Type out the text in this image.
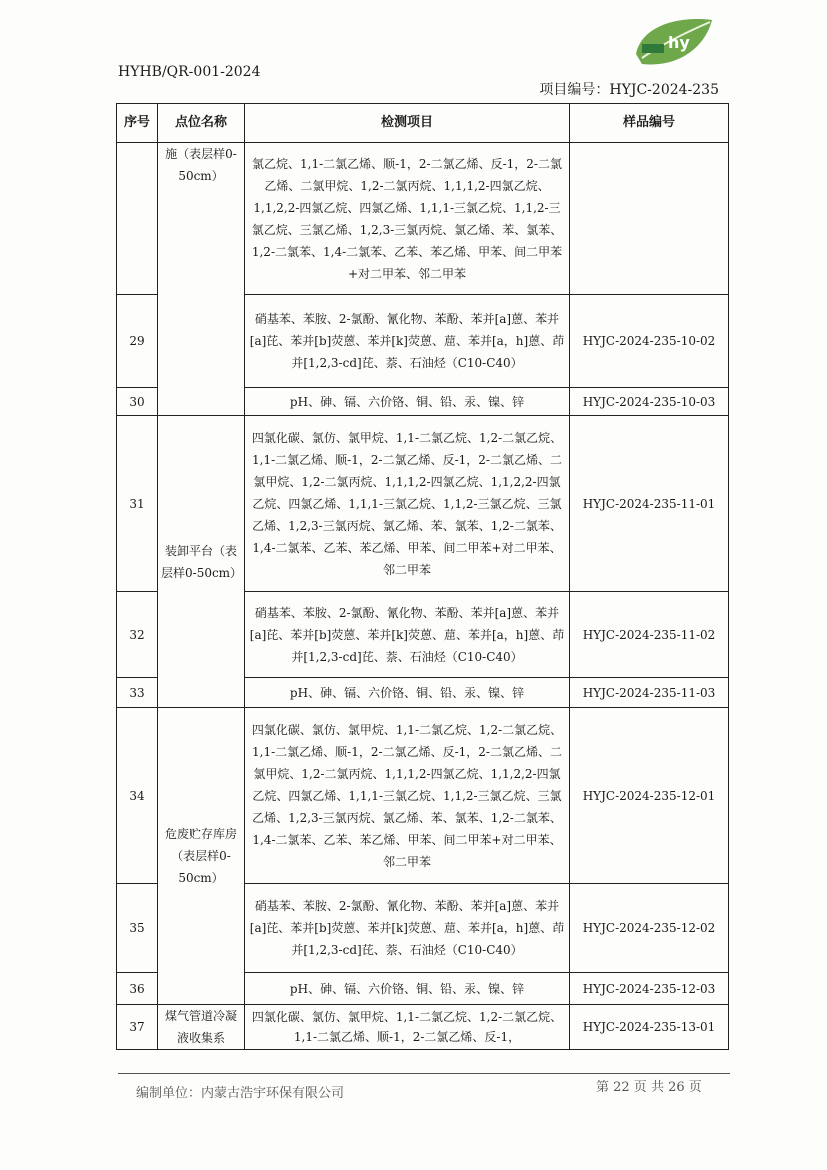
HYHB/QR-001-2024
hy
项目编号：HYJC-2024-235
序号	点位名称	检测项目	样品编号
	施（表层样0-50cm）	氯乙烷、1,1-二氯乙烯、顺-1，2-二氯乙烯、反-1，2-二氯乙烯、二氯甲烷、1,2-二氯丙烷、1,1,1,2-四氯乙烷、1,1,2,2-四氯乙烷、四氯乙烯、1,1,1-三氯乙烷、1,1,2-三氯乙烷、三氯乙烯、1,2,3-三氯丙烷、氯乙烯、苯、氯苯、1,2-二氯苯、1,4-二氯苯、乙苯、苯乙烯、甲苯、间二甲苯+对二甲苯、邻二甲苯	
29		硝基苯、苯胺、2-氯酚、氰化物、苯酚、苯并[a]蒽、苯并[a]芘、苯并[b]荧蒽、苯并[k]荧蒽、䓛、苯并[a，h]蒽、茚并[1,2,3-cd]芘、萘、石油烃（C10-C40）	HYJC-2024-235-10-02
30		pH、砷、镉、六价铬、铜、铅、汞、镍、锌	HYJC-2024-235-10-03
31	装卸平台（表层样0-50cm）	四氯化碳、氯仿、氯甲烷、1,1-二氯乙烷、1,2-二氯乙烷、1,1-二氯乙烯、顺-1，2-二氯乙烯、反-1，2-二氯乙烯、二氯甲烷、1,2-二氯丙烷、1,1,1,2-四氯乙烷、1,1,2,2-四氯乙烷、四氯乙烯、1,1,1-三氯乙烷、1,1,2-三氯乙烷、三氯乙烯、1,2,3-三氯丙烷、氯乙烯、苯、氯苯、1,2-二氯苯、1,4-二氯苯、乙苯、苯乙烯、甲苯、间二甲苯+对二甲苯、邻二甲苯	HYJC-2024-235-11-01
32		硝基苯、苯胺、2-氯酚、氰化物、苯酚、苯并[a]蒽、苯并[a]芘、苯并[b]荧蒽、苯并[k]荧蒽、䓛、苯并[a，h]蒽、茚并[1,2,3-cd]芘、萘、石油烃（C10-C40）	HYJC-2024-235-11-02
33		pH、砷、镉、六价铬、铜、铅、汞、镍、锌	HYJC-2024-235-11-03
34	危废贮存库房（表层样0-50cm）	四氯化碳、氯仿、氯甲烷、1,1-二氯乙烷、1,2-二氯乙烷、1,1-二氯乙烯、顺-1，2-二氯乙烯、反-1，2-二氯乙烯、二氯甲烷、1,2-二氯丙烷、1,1,1,2-四氯乙烷、1,1,2,2-四氯乙烷、四氯乙烯、1,1,1-三氯乙烷、1,1,2-三氯乙烷、三氯乙烯、1,2,3-三氯丙烷、氯乙烯、苯、氯苯、1,2-二氯苯、1,4-二氯苯、乙苯、苯乙烯、甲苯、间二甲苯+对二甲苯、邻二甲苯	HYJC-2024-235-12-01
35		硝基苯、苯胺、2-氯酚、氰化物、苯酚、苯并[a]蒽、苯并[a]芘、苯并[b]荧蒽、苯并[k]荧蒽、䓛、苯并[a，h]蒽、茚并[1,2,3-cd]芘、萘、石油烃（C10-C40）	HYJC-2024-235-12-02
36		pH、砷、镉、六价铬、铜、铅、汞、镍、锌	HYJC-2024-235-12-03
37	煤气管道冷凝液收集系	四氯化碳、氯仿、氯甲烷、1,1-二氯乙烷、1,2-二氯乙烷、1,1-二氯乙烯、顺-1，2-二氯乙烯、反-1，	HYJC-2024-235-13-01
编制单位：内蒙古浩宇环保有限公司	第 22 页 共 26 页
